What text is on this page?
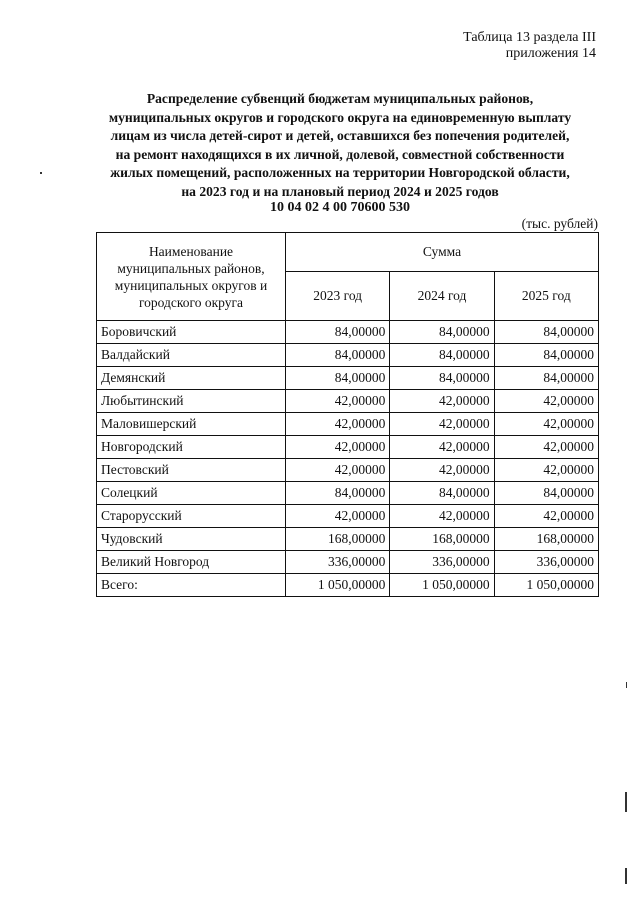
Таблица 13 раздела III
приложения 14
Распределение субвенций бюджетам муниципальных районов,
муниципальных округов и городского округа на единовременную выплату
лицам из числа детей-сирот и детей, оставшихся без попечения родителей,
на ремонт находящихся в их личной, долевой, совместной собственности
жилых помещений, расположенных на территории Новгородской области,
на 2023 год и на плановый период 2024 и 2025 годов
10 04 02 4 00 70600 530
(тыс. рублей)
Наименование муниципальных районов, муниципальных округов и городского округа	Сумма		
	2023 год	2024 год	2025 год
Боровичский	84,00000	84,00000	84,00000
Валдайский	84,00000	84,00000	84,00000
Демянский	84,00000	84,00000	84,00000
Любытинский	42,00000	42,00000	42,00000
Маловишерский	42,00000	42,00000	42,00000
Новгородский	42,00000	42,00000	42,00000
Пестовский	42,00000	42,00000	42,00000
Солецкий	84,00000	84,00000	84,00000
Старорусский	42,00000	42,00000	42,00000
Чудовский	168,00000	168,00000	168,00000
Великий Новгород	336,00000	336,00000	336,00000
Всего:	1 050,00000	1 050,00000	1 050,00000
